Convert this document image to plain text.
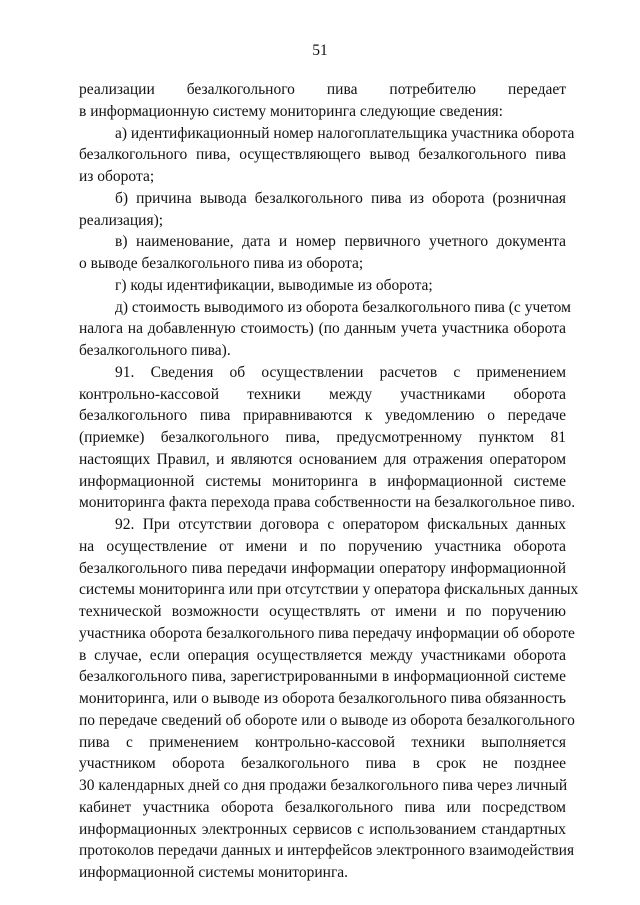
51
реализации безалкогольного пива потребителю передает
в информационную систему мониторинга следующие сведения:
а) идентификационный номер налогоплательщика участника оборота
безалкогольного пива, осуществляющего вывод безалкогольного пива
из оборота;
б) причина вывода безалкогольного пива из оборота (розничная
реализация);
в) наименование, дата и номер первичного учетного документа
о выводе безалкогольного пива из оборота;
г) коды идентификации, выводимые из оборота;
д) стоимость выводимого из оборота безалкогольного пива (с учетом
налога на добавленную стоимость) (по данным учета участника оборота
безалкогольного пива).
91. Сведения об осуществлении расчетов с применением
контрольно-кассовой техники между участниками оборота
безалкогольного пива приравниваются к уведомлению о передаче
(приемке) безалкогольного пива, предусмотренному пунктом 81
настоящих Правил, и являются основанием для отражения оператором
информационной системы мониторинга в информационной системе
мониторинга факта перехода права собственности на безалкогольное пиво.
92. При отсутствии договора с оператором фискальных данных
на осуществление от имени и по поручению участника оборота
безалкогольного пива передачи информации оператору информационной
системы мониторинга или при отсутствии у оператора фискальных данных
технической возможности осуществлять от имени и по поручению
участника оборота безалкогольного пива передачу информации об обороте
в случае, если операция осуществляется между участниками оборота
безалкогольного пива, зарегистрированными в информационной системе
мониторинга, или о выводе из оборота безалкогольного пива обязанность
по передаче сведений об обороте или о выводе из оборота безалкогольного
пива с применением контрольно-кассовой техники выполняется
участником оборота безалкогольного пива в срок не позднее
30 календарных дней со дня продажи безалкогольного пива через личный
кабинет участника оборота безалкогольного пива или посредством
информационных электронных сервисов с использованием стандартных
протоколов передачи данных и интерфейсов электронного взаимодействия
информационной системы мониторинга.
